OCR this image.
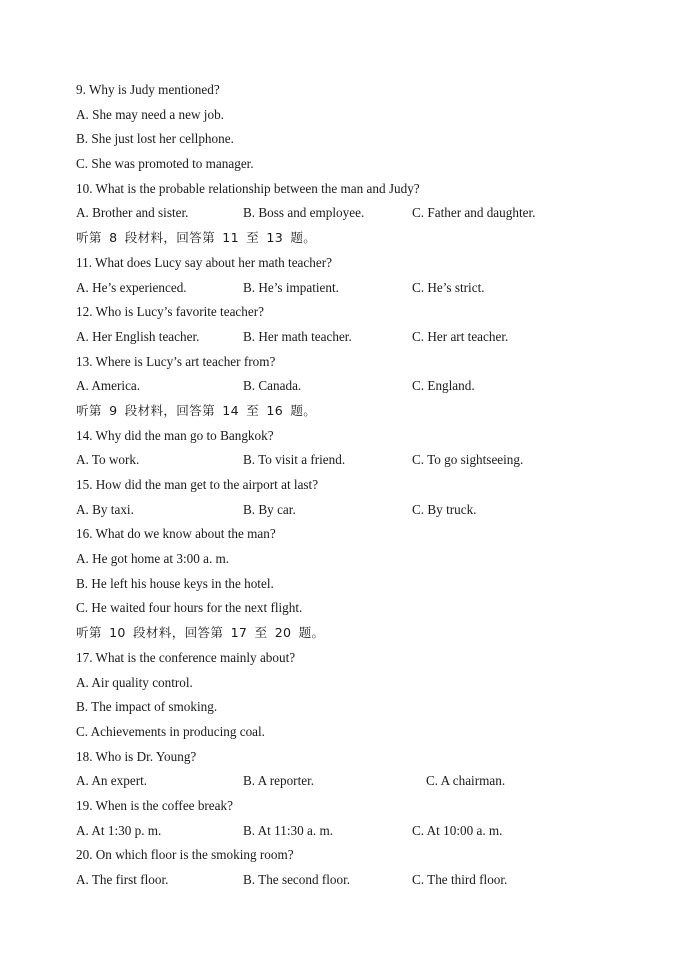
9. Why is Judy mentioned?
A. She may need a new job.
B. She just lost her cellphone.
C. She was promoted to manager.
10. What is the probable relationship between the man and Judy?
A. Brother and sister.	B. Boss and employee.	C. Father and daughter.
听第 8 段材料，回答第 11 至 13 题。
11. What does Lucy say about her math teacher?
A. He’s experienced.	B. He’s impatient.	C. He’s strict.
12. Who is Lucy’s favorite teacher?
A. Her English teacher.	B. Her math teacher.	C. Her art teacher.
13. Where is Lucy’s art teacher from?
A. America.	B. Canada.	C. England.
听第 9 段材料，回答第 14 至 16 题。
14. Why did the man go to Bangkok?
A. To work.	B. To visit a friend.	C. To go sightseeing.
15. How did the man get to the airport at last?
A. By taxi.	B. By car.	C. By truck.
16. What do we know about the man?
A. He got home at 3:00 a. m.
B. He left his house keys in the hotel.
C. He waited four hours for the next flight.
听第 10 段材料，回答第 17 至 20 题。
17. What is the conference mainly about?
A. Air quality control.
B. The impact of smoking.
C. Achievements in producing coal.
18. Who is Dr. Young?
A. An expert.	B. A reporter.	C. A chairman.
19. When is the coffee break?
A. At 1:30 p. m.	B. At 11:30 a. m.	C. At 10:00 a. m.
20. On which floor is the smoking room?
A. The first floor.	B. The second floor.	C. The third floor.
